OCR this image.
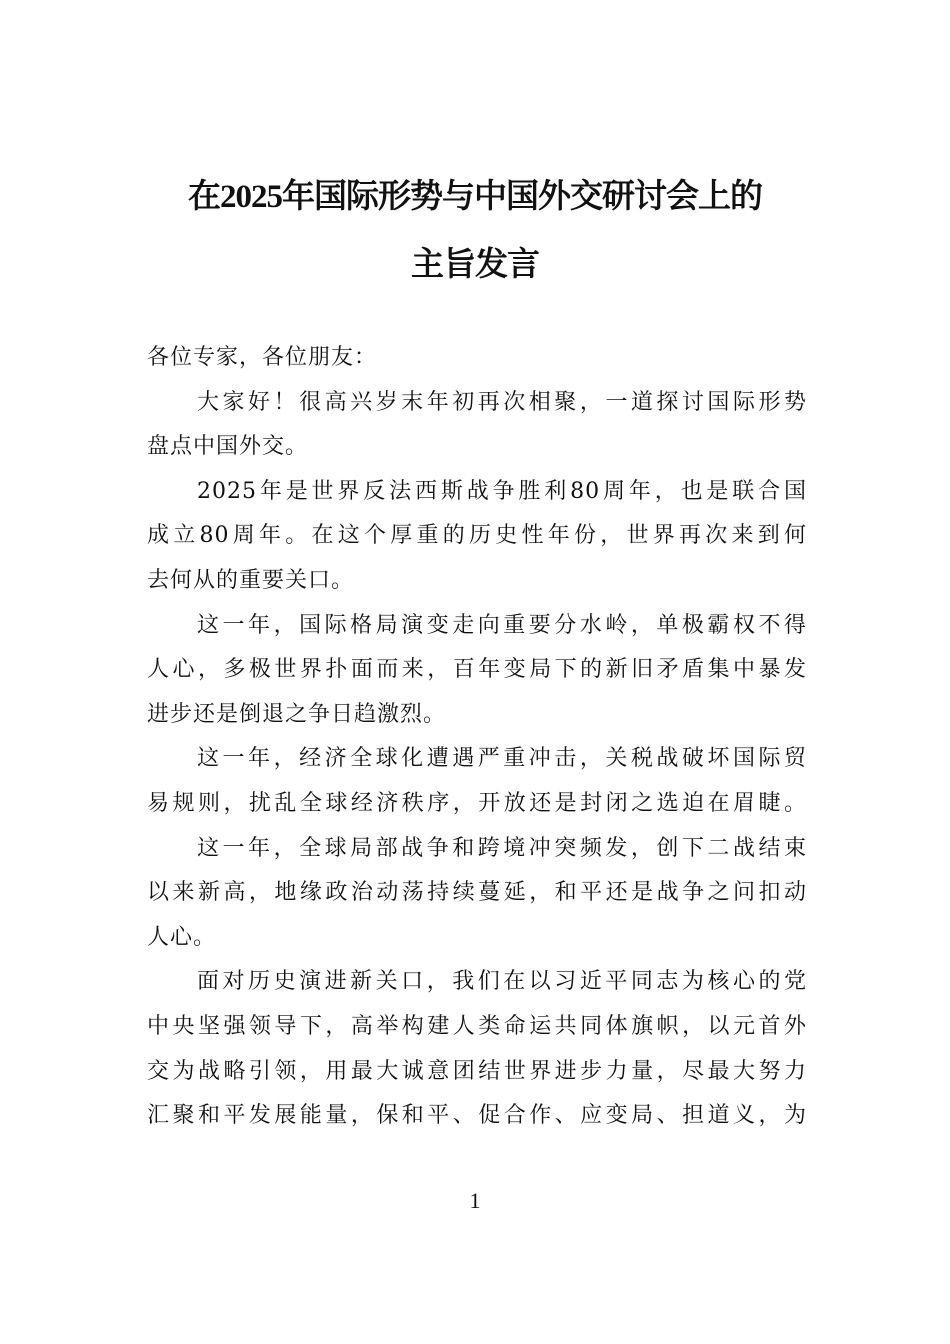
在2025年国际形势与中国外交研讨会上的
主旨发言
各位专家，各位朋友：
大家好！很高兴岁末年初再次相聚，一道探讨国际形势
盘点中国外交。
2025年是世界反法西斯战争胜利80周年，也是联合国
成立80周年。在这个厚重的历史性年份，世界再次来到何
去何从的重要关口。
这一年，国际格局演变走向重要分水岭，单极霸权不得
人心，多极世界扑面而来，百年变局下的新旧矛盾集中暴发
进步还是倒退之争日趋激烈。
这一年，经济全球化遭遇严重冲击，关税战破坏国际贸
易规则，扰乱全球经济秩序，开放还是封闭之选迫在眉睫。
这一年，全球局部战争和跨境冲突频发，创下二战结束
以来新高，地缘政治动荡持续蔓延，和平还是战争之问扣动
人心。
面对历史演进新关口，我们在以习近平同志为核心的党
中央坚强领导下，高举构建人类命运共同体旗帜，以元首外
交为战略引领，用最大诚意团结世界进步力量，尽最大努力
汇聚和平发展能量，保和平、促合作、应变局、担道义，为
1
